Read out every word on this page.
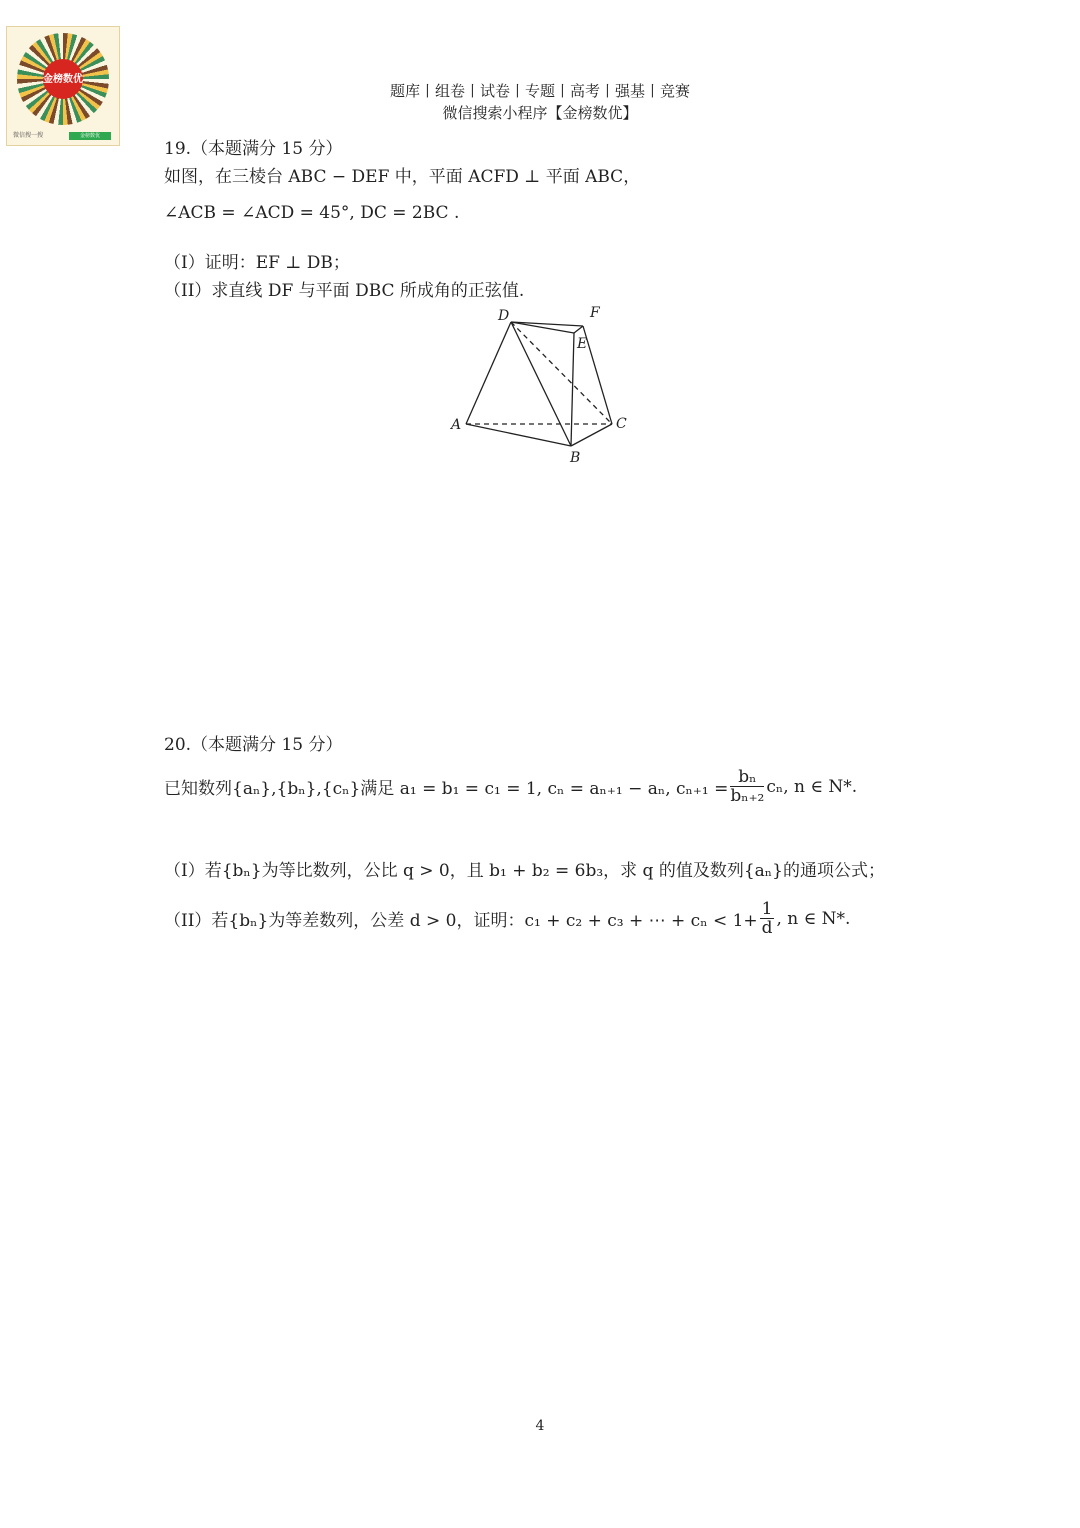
金榜数优
微信搜一搜	金榜数优
题库丨组卷丨试卷丨专题丨高考丨强基丨竞赛
微信搜索小程序【金榜数优】
19.（本题满分 15 分）
如图，在三棱台 ABC − DEF 中，平面 ACFD ⊥ 平面 ABC，
∠ACB = ∠ACD = 45°, DC = 2BC .
（I）证明：EF ⊥ DB；
（II）求直线 DF 与平面 DBC 所成角的正弦值.
D	F
E
A	C
B
20.（本题满分 15 分）
已知数列{aₙ},{bₙ},{cₙ}满足 a₁ = b₁ = c₁ = 1, cₙ = aₙ₊₁ − aₙ, $c_{n+1} = \frac{\text{bₙ}}{\text{bₙ₊₂}} c_n$, n ∈ N*.
（I）若{bₙ}为等比数列，公比 q > 0，且 b₁ + b₂ = 6b₃，求 q 的值及数列{aₙ}的通项公式；
（II）若{bₙ}为等差数列，公差 d > 0，证明：c₁ + c₂ + c₃ + ⋯ + $c_n < 1+ \frac{1}{d}$ , n ∈ N*.
4
